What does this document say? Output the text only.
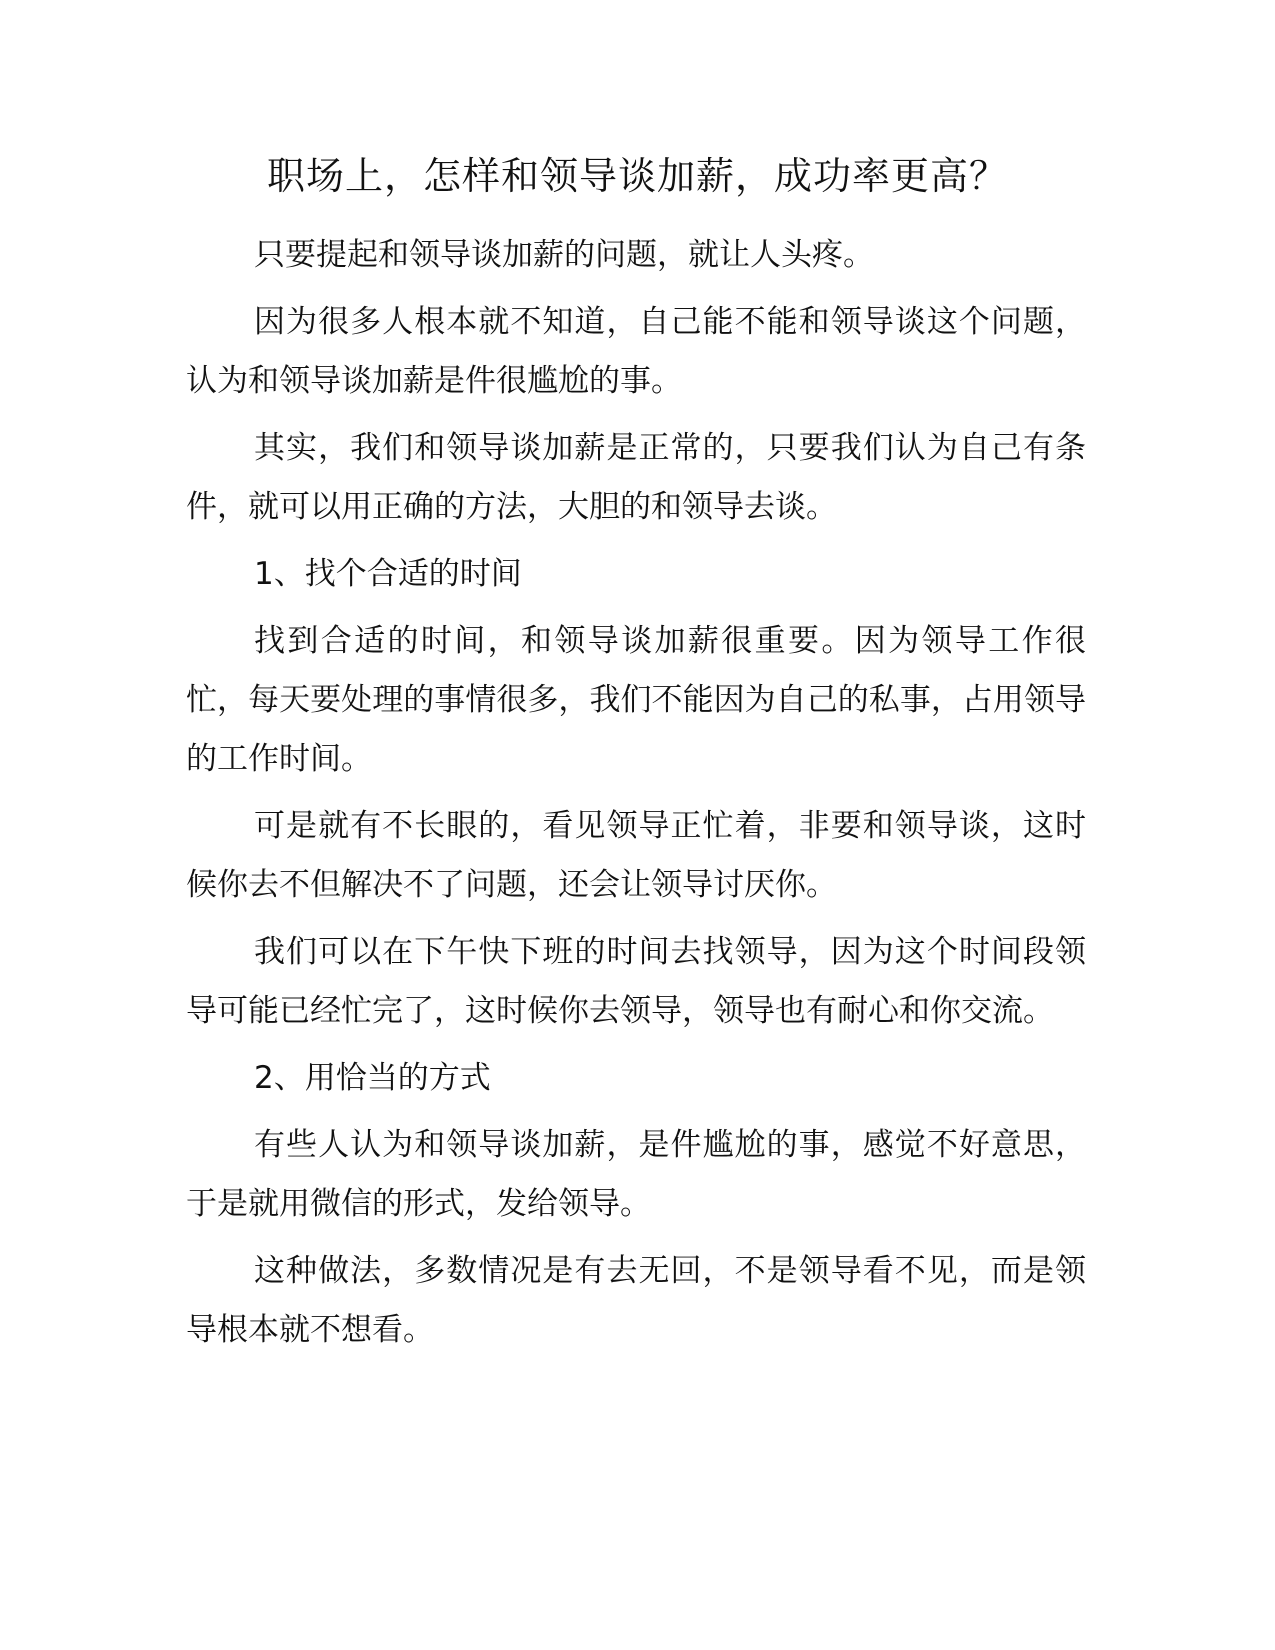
职场上，怎样和领导谈加薪，成功率更高？

只要提起和领导谈加薪的问题，就让人头疼。

因为很多人根本就不知道，自己能不能和领导谈这个问题，认为和领导谈加薪是件很尴尬的事。

其实，我们和领导谈加薪是正常的，只要我们认为自己有条件，就可以用正确的方法，大胆的和领导去谈。

1、找个合适的时间

找到合适的时间，和领导谈加薪很重要。因为领导工作很忙，每天要处理的事情很多，我们不能因为自己的私事，占用领导的工作时间。

可是就有不长眼的，看见领导正忙着，非要和领导谈，这时候你去不但解决不了问题，还会让领导讨厌你。

我们可以在下午快下班的时间去找领导，因为这个时间段领导可能已经忙完了，这时候你去领导，领导也有耐心和你交流。

2、用恰当的方式

有些人认为和领导谈加薪，是件尴尬的事，感觉不好意思，于是就用微信的形式，发给领导。

这种做法，多数情况是有去无回，不是领导看不见，而是领导根本就不想看。
